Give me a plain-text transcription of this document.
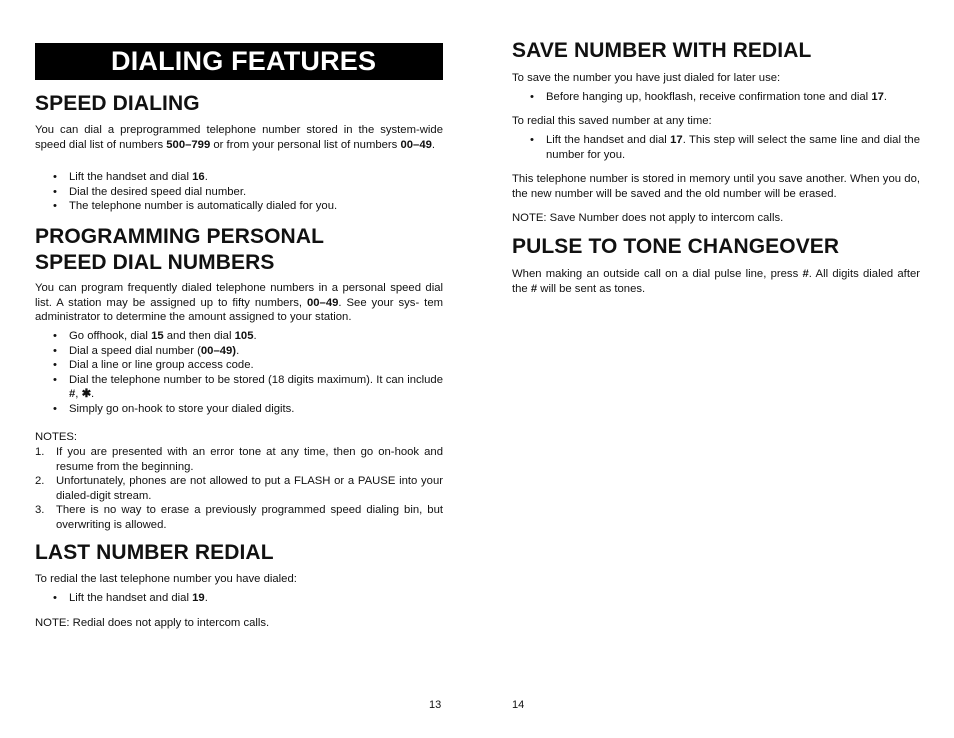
DIALING FEATURES
SPEED DIALING

You can dial a preprogrammed telephone number stored in the system-wide speed dial list of numbers 500–799 or from your personal list of numbers 00–49.

• Lift the handset and dial 16.
• Dial the desired speed dial number.
• The telephone number is automatically dialed for you.
PROGRAMMING PERSONAL
SPEED DIAL NUMBERS

You can program frequently dialed telephone numbers in a personal speed dial list. A station may be assigned up to fifty numbers, 00–49. See your sys- tem administrator to determine the amount assigned to your station.

• Go offhook, dial 15 and then dial 105.
• Dial a speed dial number (00–49).
• Dial a line or line group access code.
• Dial the telephone number to be stored (18 digits maximum). It can include #, ✱.
• Simply go on-hook to store your dialed digits.

NOTES:

1. If you are presented with an error tone at any time, then go on-hook and resume from the beginning.
2. Unfortunately, phones are not allowed to put a FLASH or a PAUSE into your dialed-digit stream.
3. There is no way to erase a previously programmed speed dialing bin, but overwriting is allowed.
LAST NUMBER REDIAL

To redial the last telephone number you have dialed:

• Lift the handset and dial 19.

NOTE: Redial does not apply to intercom calls.

13
SAVE NUMBER WITH REDIAL

To save the number you have just dialed for later use:

• Before hanging up, hookflash, receive confirmation tone and dial 17.

To redial this saved number at any time:

• Lift the handset and dial 17. This step will select the same line and dial the number for you.

This telephone number is stored in memory until you save another. When you do, the new number will be saved and the old number will be erased.

NOTE: Save Number does not apply to intercom calls.

PULSE TO TONE CHANGEOVER

When making an outside call on a dial pulse line, press #. All digits dialed after the # will be sent as tones.

14
